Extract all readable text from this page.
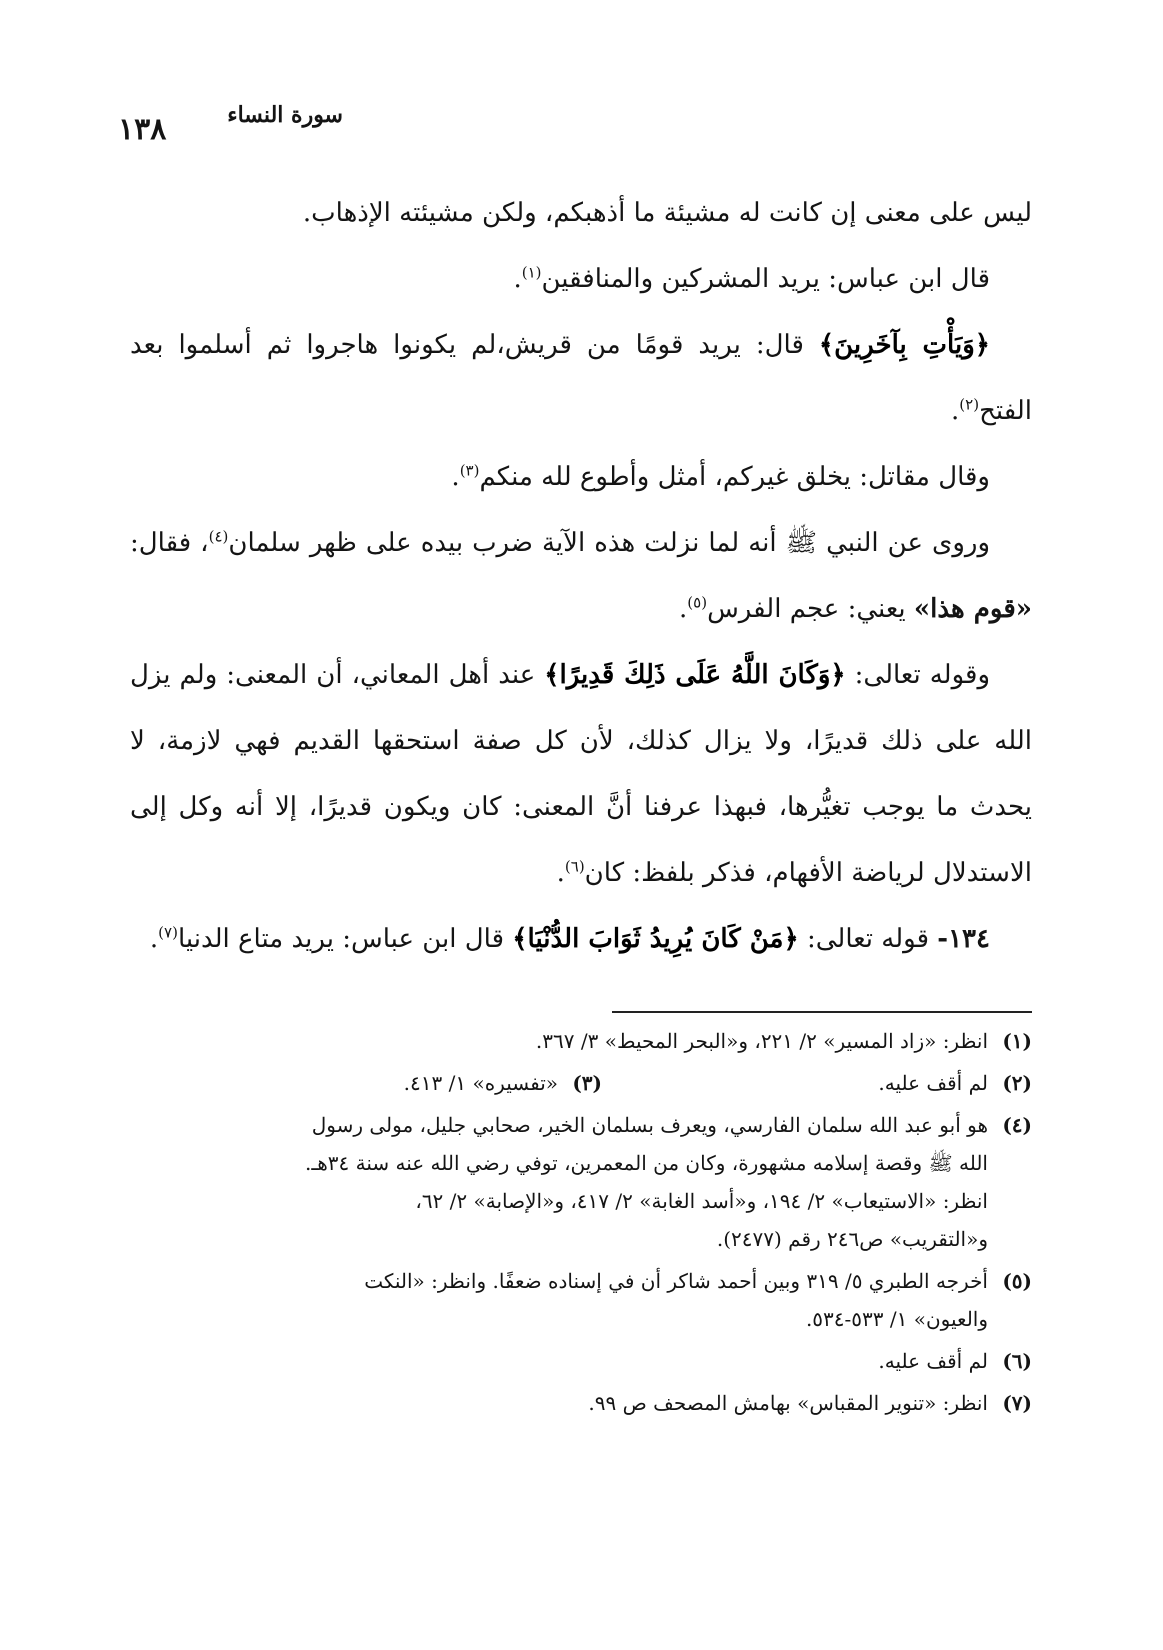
سورة النساء
١٣٨

ليس على معنى إن كانت له مشيئة ما أذهبكم، ولكن مشيئته الإذهاب.

قال ابن عباس: يريد المشركين والمنافقين$^{(١)}$.

﴿وَيَأْتِ بِآخَرِينَ﴾ قال: يريد قومًا من قريش،لم يكونوا هاجروا ثم أسلموا بعد الفتح$^{(٢)}$.

وقال مقاتل: يخلق غيركم، أمثل وأطوع لله منكم$^{(٣)}$.

وروى عن النبي ﷺ أنه لما نزلت هذه الآية ضرب بيده على ظهر سلمان$^{(٤)}$، فقال: «قوم هذا» يعني: عجم الفرس$^{(٥)}$.

وقوله تعالى: ﴿وَكَانَ اللَّهُ عَلَى ذَلِكَ قَدِيرًا﴾ عند أهل المعاني، أن المعنى: ولم يزل الله على ذلك قديرًا، ولا يزال كذلك، لأن كل صفة استحقها القديم فهي لازمة، لا يحدث ما يوجب تغيُّرها، فبهذا عرفنا أنَّ المعنى: كان ويكون قديرًا، إلا أنه وكل إلى الاستدلال لرياضة الأفهام، فذكر بلفظ: كان$^{(٦)}$.

١٣٤- قوله تعالى: ﴿مَنْ كَانَ يُرِيدُ ثَوَابَ الدُّنْيَا﴾ قال ابن عباس: يريد متاع الدنيا$^{(٧)}$.

(١)
انظر: «زاد المسير» ٢/ ٢٢١، و«البحر المحيط» ٣/ ٣٦٧.
(٢)
لم أقف عليه.
(٣)
«تفسيره» ١/ ٤١٣.
(٤)
هو أبو عبد الله سلمان الفارسي، ويعرف بسلمان الخير، صحابي جليل، مولى رسول
الله ﷺ وقصة إسلامه مشهورة، وكان من المعمرين، توفي رضي الله عنه سنة ٣٤هـ.
انظر: «الاستيعاب» ٢/ ١٩٤، و«أسد الغابة» ٢/ ٤١٧، و«الإصابة» ٢/ ٦٢،
و«التقريب» ص٢٤٦ رقم (٢٤٧٧).
(٥)
أخرجه الطبري ٥/ ٣١٩ وبين أحمد شاكر أن في إسناده ضعفًا. وانظر: «النكت
والعيون» ١/ ٥٣٣-٥٣٤.
(٦)
لم أقف عليه.
(٧)
انظر: «تنوير المقباس» بهامش المصحف ص ٩٩.
